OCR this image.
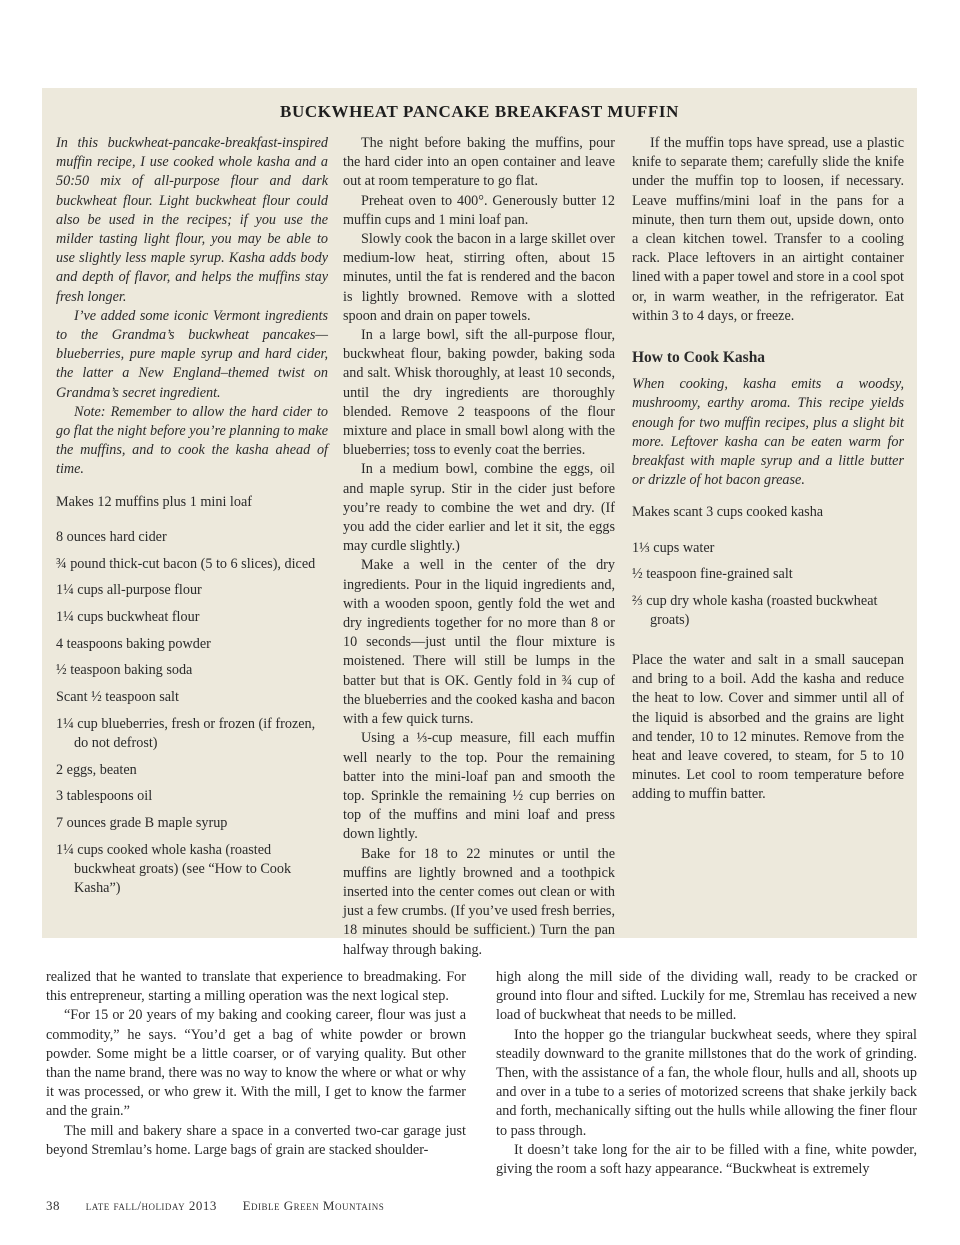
BUCKWHEAT PANCAKE BREAKFAST MUFFIN

In this buckwheat-pancake-breakfast-inspired muffin recipe, I use cooked whole kasha and a 50:50 mix of all-purpose flour and dark buckwheat flour. Light buckwheat flour could also be used in the recipes; if you use the milder tasting light flour, you may be able to use slightly less maple syrup. Kasha adds body and depth of flavor, and helps the muffins stay fresh longer.

I’ve added some iconic Vermont ingredients to the Grandma’s buckwheat pancakes—blueberries, pure maple syrup and hard cider, the latter a New England–themed twist on Grandma’s secret ingredient.

Note: Remember to allow the hard cider to go flat the night before you’re planning to make the muffins, and to cook the kasha ahead of time.

Makes 12 muffins plus 1 mini loaf

8 ounces hard cider

¾ pound thick-cut bacon (5 to 6 slices), diced

1¼ cups all-purpose flour

1¼ cups buckwheat flour

4 teaspoons baking powder

½ teaspoon baking soda

Scant ½ teaspoon salt

1¼ cup blueberries, fresh or frozen (if frozen, do not defrost)

2 eggs, beaten

3 tablespoons oil

7 ounces grade B maple syrup

1¼ cups cooked whole kasha (roasted buckwheat groats) (see “How to Cook Kasha”)

The night before baking the muffins, pour the hard cider into an open container and leave out at room temperature to go flat.

Preheat oven to 400°. Generously butter 12 muffin cups and 1 mini loaf pan.

Slowly cook the bacon in a large skillet over medium-low heat, stirring often, about 15 minutes, until the fat is rendered and the bacon is lightly browned. Remove with a slotted spoon and drain on paper towels.

In a large bowl, sift the all-purpose flour, buckwheat flour, baking powder, baking soda and salt. Whisk thoroughly, at least 10 seconds, until the dry ingredients are thoroughly blended. Remove 2 teaspoons of the flour mixture and place in small bowl along with the blueberries; toss to evenly coat the berries.

In a medium bowl, combine the eggs, oil and maple syrup. Stir in the cider just before you’re ready to combine the wet and dry. (If you add the cider earlier and let it sit, the eggs may curdle slightly.)

Make a well in the center of the dry ingredients. Pour in the liquid ingredients and, with a wooden spoon, gently fold the wet and dry ingredients together for no more than 8 or 10 seconds—just until the flour mixture is moistened. There will still be lumps in the batter but that is OK. Gently fold in ¾ cup of the blueberries and the cooked kasha and bacon with a few quick turns.

Using a ⅓-cup measure, fill each muffin well nearly to the top. Pour the remaining batter into the mini-loaf pan and smooth the top. Sprinkle the remaining ½ cup berries on top of the muffins and mini loaf and press down lightly.

Bake for 18 to 22 minutes or until the muffins are lightly browned and a toothpick inserted into the center comes out clean or with just a few crumbs. (If you’ve used fresh berries, 18 minutes should be sufficient.) Turn the pan halfway through baking.

If the muffin tops have spread, use a plastic knife to separate them; carefully slide the knife under the muffin top to loosen, if necessary. Leave muffins/mini loaf in the pans for a minute, then turn them out, upside down, onto a clean kitchen towel. Transfer to a cooling rack. Place leftovers in an airtight container lined with a paper towel and store in a cool spot or, in warm weather, in the refrigerator. Eat within 3 to 4 days, or freeze.

How to Cook Kasha

When cooking, kasha emits a woodsy, mushroomy, earthy aroma. This recipe yields enough for two muffin recipes, plus a slight bit more. Leftover kasha can be eaten warm for breakfast with maple syrup and a little butter or drizzle of hot bacon grease.

Makes scant 3 cups cooked kasha

1⅓ cups water

½ teaspoon fine-grained salt

⅔ cup dry whole kasha (roasted buckwheat groats)

Place the water and salt in a small saucepan and bring to a boil. Add the kasha and reduce the heat to low. Cover and simmer until all of the liquid is absorbed and the grains are light and tender, 10 to 12 minutes. Remove from the heat and leave covered, to steam, for 5 to 10 minutes. Let cool to room temperature before adding to muffin batter.

realized that he wanted to translate that experience to breadmaking. For this entrepreneur, starting a milling operation was the next logical step.

“For 15 or 20 years of my baking and cooking career, flour was just a commodity,” he says. “You’d get a bag of white powder or brown powder. Some might be a little coarser, or of varying quality. But other than the name brand, there was no way to know the where or what or why it was processed, or who grew it. With the mill, I get to know the farmer and the grain.”

The mill and bakery share a space in a converted two-car garage just beyond Stremlau’s home. Large bags of grain are stacked shoulder-

high along the mill side of the dividing wall, ready to be cracked or ground into flour and sifted. Luckily for me, Stremlau has received a new load of buckwheat that needs to be milled.

Into the hopper go the triangular buckwheat seeds, where they spiral steadily downward to the granite millstones that do the work of grinding. Then, with the assistance of a fan, the whole flour, hulls and all, shoots up and over in a tube to a series of motorized screens that shake jerkily back and forth, mechanically sifting out the hulls while allowing the finer flour to pass through.

It doesn’t take long for the air to be filled with a fine, white powder, giving the room a soft hazy appearance. “Buckwheat is extremely

38 late fall/holiday 2013 Edible Green Mountains
